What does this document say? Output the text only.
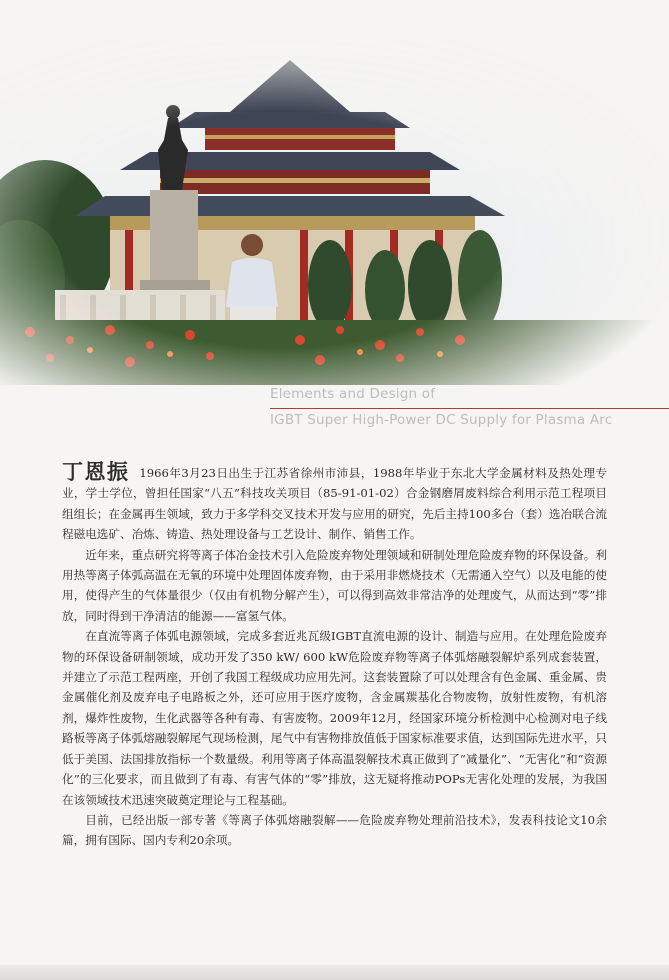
Elements and Design of
IGBT Super High-Power DC Supply for Plasma Arc

丁恩振 1966年3月23日出生于江苏省徐州市沛县，1988年毕业于东北大学金属材料及热处理专业，学士学位，曾担任国家“八五”科技攻关项目（85-91-01-02）合金钢磨屑废料综合利用示范工程项目组组长；在金属再生领域，致力于多学科交叉技术开发与应用的研究，先后主持100多台（套）选冶联合流程磁电选矿、冶炼、铸造、热处理设备与工艺设计、制作、销售工作。

近年来，重点研究将等离子体冶金技术引入危险废弃物处理领域和研制处理危险废弃物的环保设备。利用热等离子体弧高温在无氧的环境中处理固体废弃物，由于采用非燃烧技术（无需通入空气）以及电能的使用，使得产生的气体量很少（仅由有机物分解产生），可以得到高效非常洁净的处理废气，从而达到“零”排放，同时得到干净清洁的能源——富氢气体。

在直流等离子体弧电源领域，完成多套近兆瓦级IGBT直流电源的设计、制造与应用。在处理危险废弃物的环保设备研制领域，成功开发了350 kW/ 600 kW危险废弃物等离子体弧熔融裂解炉系列成套装置，并建立了示范工程两座，开创了我国工程级成功应用先河。这套装置除了可以处理含有色金属、重金属、贵金属催化剂及废弃电子电路板之外，还可应用于医疗废物，含金属羰基化合物废物，放射性废物，有机溶剂，爆炸性废物，生化武器等各种有毒、有害废物。2009年12月，经国家环境分析检测中心检测对电子线路板等离子体弧熔融裂解尾气现场检测，尾气中有害物排放值低于国家标准要求值，达到国际先进水平，只低于美国、法国排放指标一个数量级。利用等离子体高温裂解技术真正做到了“减量化”、“无害化”和“资源化”的三化要求，而且做到了有毒、有害气体的“零”排放，这无疑将推动POPs无害化处理的发展，为我国在该领域技术迅速突破奠定理论与工程基础。

目前，已经出版一部专著《等离子体弧熔融裂解——危险废弃物处理前沿技术》，发表科技论文10余篇，拥有国际、国内专利20余项。
